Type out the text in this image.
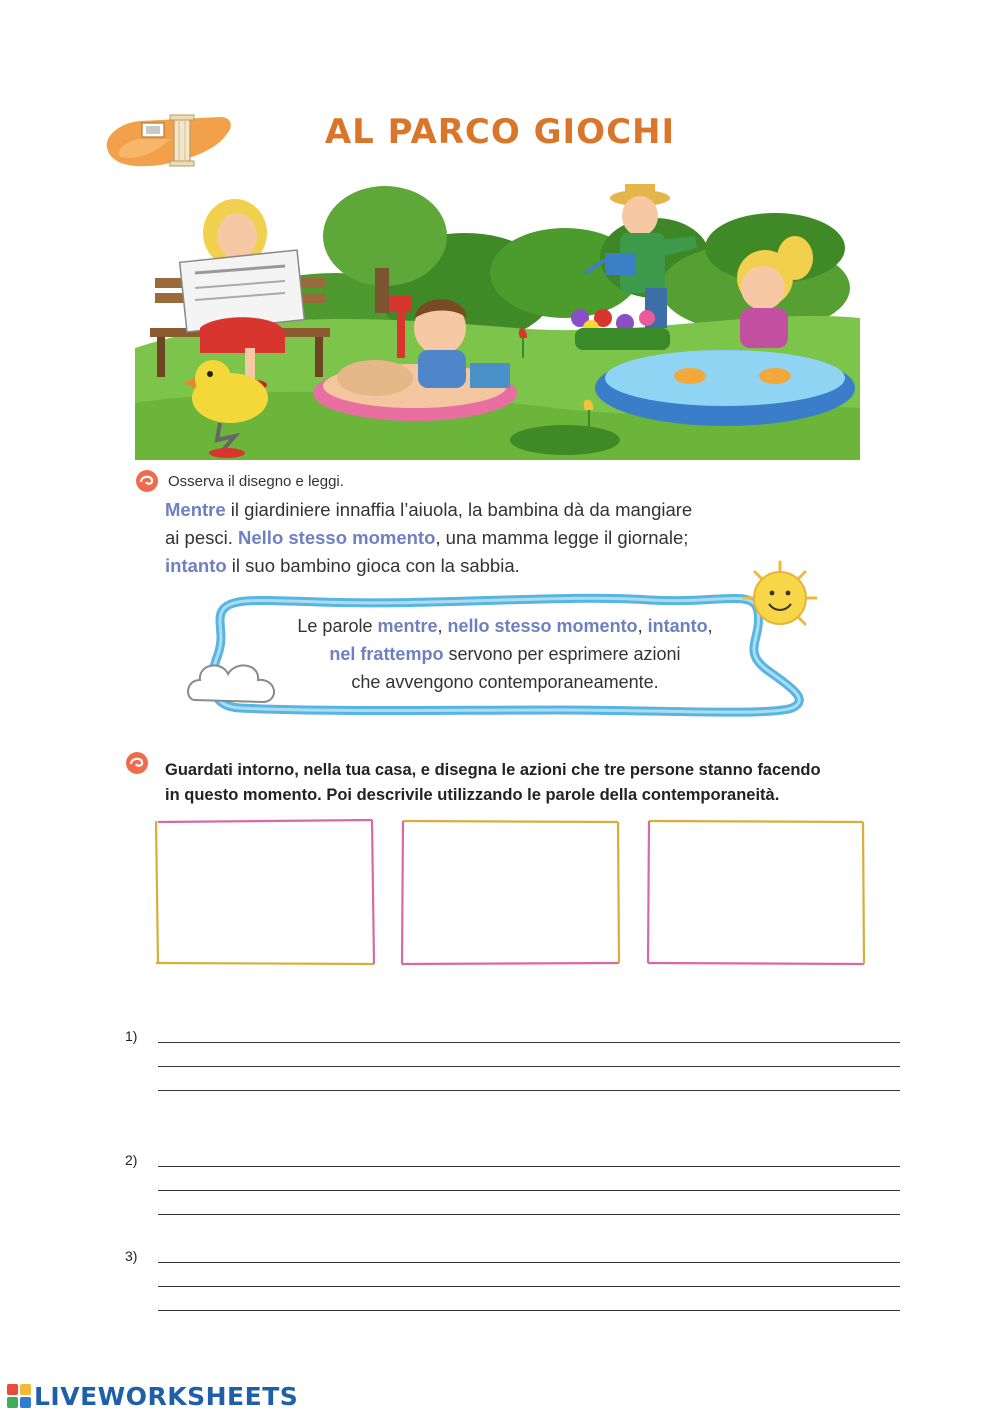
AL PARCO GIOCHI
Osserva il disegno e leggi.
Mentre il giardiniere innaffia l’aiuola, la bambina dà da mangiare
ai pesci. Nello stesso momento, una mamma legge il giornale;
intanto il suo bambino gioca con la sabbia.
Le parole mentre, nello stesso momento, intanto,
nel frattempo servono per esprimere azioni
che avvengono contemporaneamente.
Guardati intorno, nella tua casa, e disegna le azioni che tre persone stanno facendo
in questo momento. Poi descrivile utilizzando le parole della contemporaneità.
1)
2)
3)
LIVEWORKSHEETS
